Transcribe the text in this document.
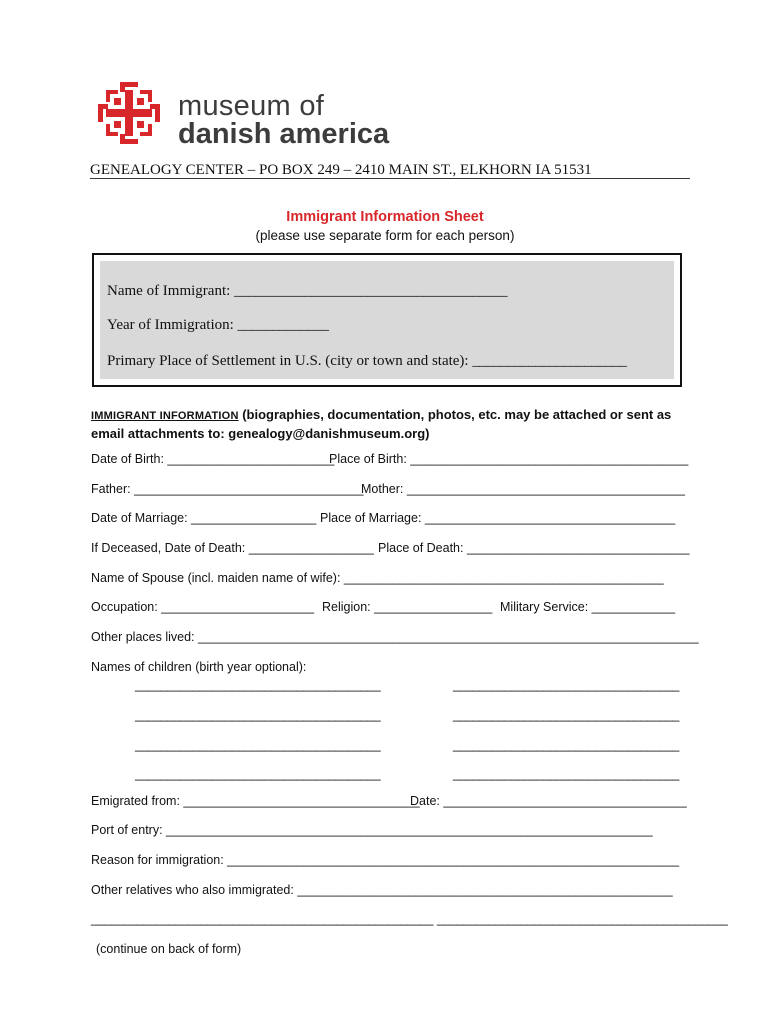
museum of
danish america
GENEALOGY CENTER – PO BOX 249 – 2410 MAIN ST., ELKHORN IA 51531
Immigrant Information Sheet
(please use separate form for each person)
Name of Immigrant: _______________________________________
Year of Immigration: _____________
Primary Place of Settlement in U.S. (city or town and state): ______________________
IMMIGRANT INFORMATION (biographies, documentation, photos, etc. may be attached or sent as email attachments to: genealogy@danishmuseum.org)
Date of Birth: ________________________
Place of Birth: ________________________________________
Father: _________________________________
Mother: ________________________________________
Date of Marriage: __________________ Place of Marriage: ____________________________________
If Deceased, Date of Death: __________________ Place of Death: ________________________________
Name of Spouse (incl. maiden name of wife): ______________________________________________
Occupation: ______________________ Religion: _________________ Military Service: ____________
Other places lived: ________________________________________________________________________
Names of children (birth year optional):
______________________________________	___________________________________
______________________________________	___________________________________
______________________________________	___________________________________
______________________________________	___________________________________
Emigrated from: __________________________________
Date: ___________________________________
Port of entry: ______________________________________________________________________
Reason for immigration: _________________________________________________________________
Other relatives who also immigrated: ______________________________________________________
_____________________________________________________ _____________________________________________
(continue on back of form)
